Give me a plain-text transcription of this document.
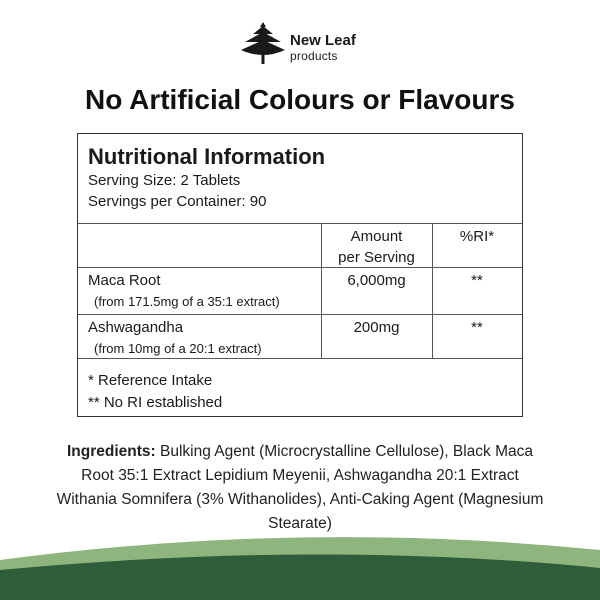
New Leaf
products
No Artificial Colours or Flavours
Nutritional Information
Serving Size: 2 Tablets
Servings per Container: 90
Amount
per Serving
%RI*
Maca Root
(from 171.5mg of a 35:1 extract)
6,000mg	**
Ashwagandha
(from 10mg of a 20:1 extract)
200mg	**
* Reference Intake
** No RI established
Ingredients: Bulking Agent (Microcrystalline Cellulose), Black Maca Root 35:1 Extract Lepidium Meyenii, Ashwagandha 20:1 Extract Withania Somnifera (3% Withanolides), Anti-Caking Agent (Magnesium Stearate)
